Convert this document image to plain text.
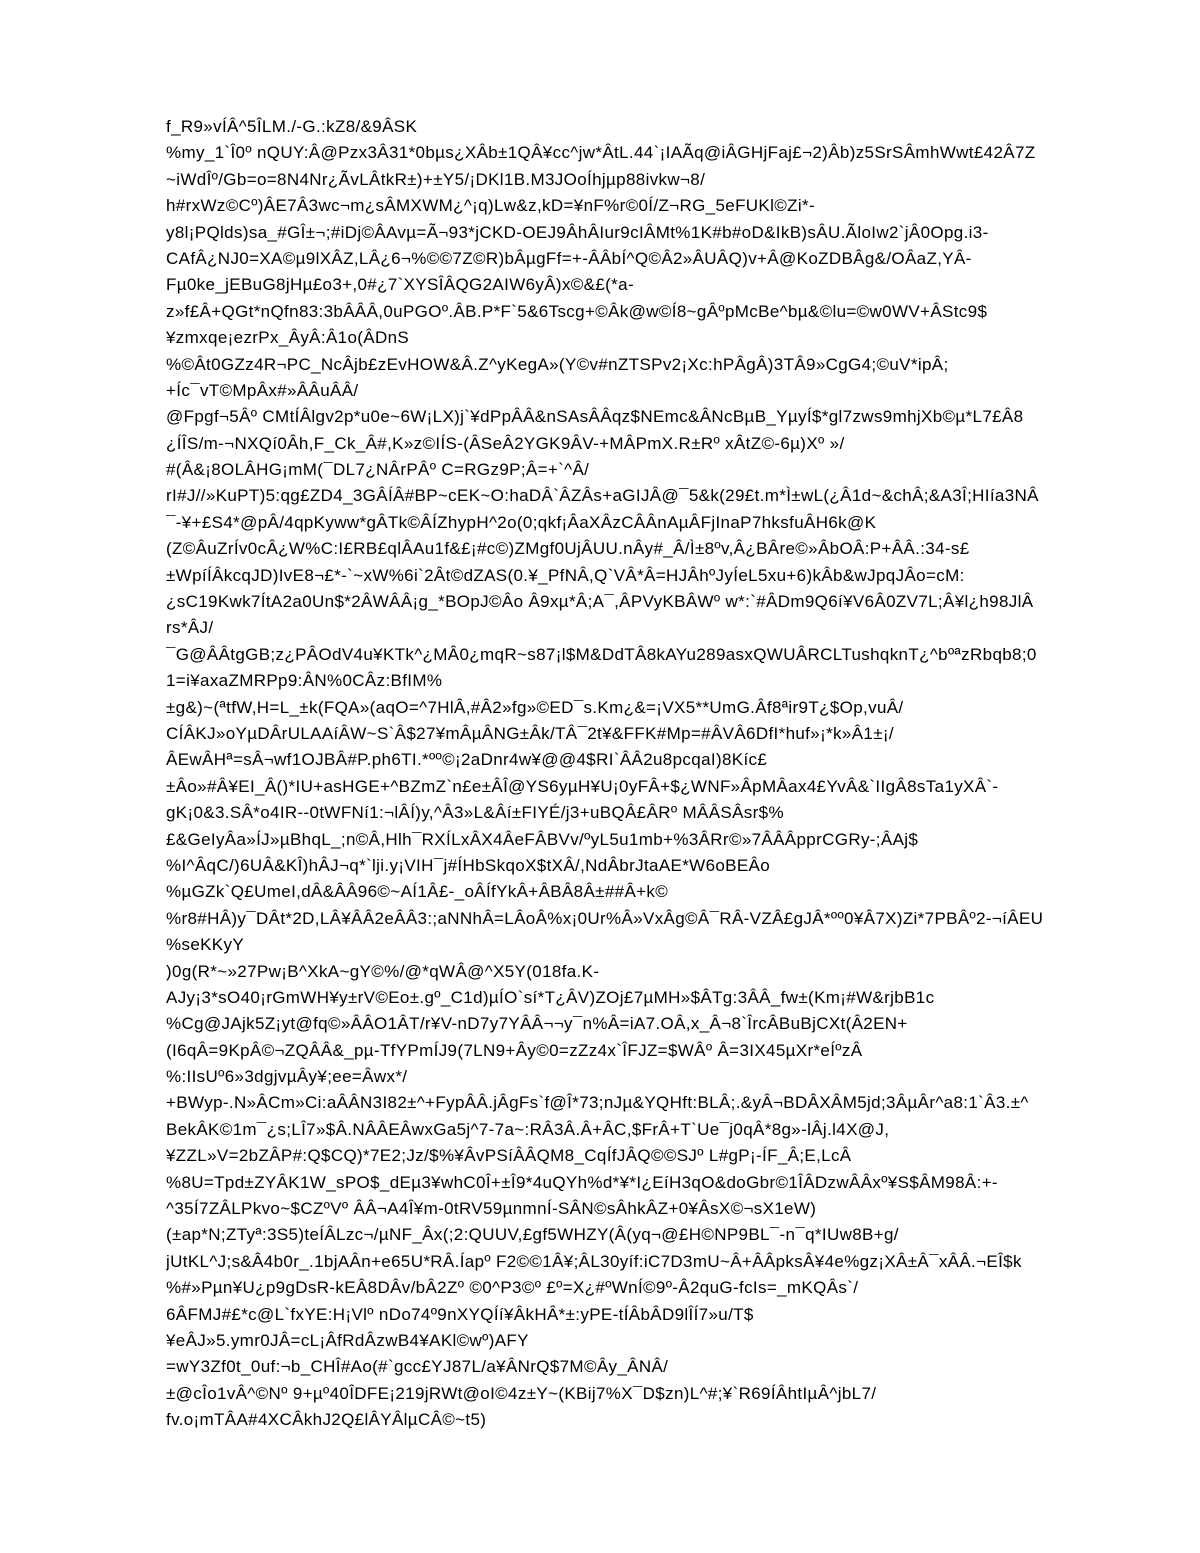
f_R9»vÍÂ^5ÎLM./-G.:kZ8/&9ÂSK
%my_1`Î0º nQUY:Â@Pzx3Â31*0bµs¿XÂb±1QÂ¥cc^jw*ÂtL.44`¡IAÃq@iÂGHjFaj£¬2)Âb)z5SrSÂmhWwt£42Â7Z
~iWdÎº/Gb=o=8N4Nr¿ÃvLÂtkR±)+±Y5/¡DKl1B.M3JOoÍhjµp88ivkw¬8/
h#rxWz©Cº)ÂE7Â3wc¬m¿sÂMXWM¿^¡q)Lw&z,kD=¥nF%r©0Í/Z¬RG_5eFUKl©Zi*-
y8l¡PQlds)sa_#GÎ±¬;#iDj©ÂAvµ=Ã¬93*jCKD-OEJ9ÂhÂIur9cIÂMt%1K#b#oD&IkB)sÂU.ÃloIw2`jÂ0Opg.i3-
CAfÂ¿NJ0=XA©µ9lXÂZ,LÂ¿6¬%©©7Z©R)bÂµgFf=+-ÂÂbÍ^Q©Â2»ÂUÂQ)v+Â@KoZDBÂg&/OÂaZ,YÂ-
Fµ0ke_jEBuG8jHµ£o3+,0#¿7`XYSÎÂQG2AIW6yÂ)x©&£(*a-
z»f£Â+QGt*nQfn83:3bÂÂÂ,0uPGOº.ÂB.P*F`5&6Tscg+©Âk@w©Í8~gÂºpMcBe^bµ&©lu=©w0WV+ÂStc9$
¥zmxqe¡ezrPx_ÂyÂ:Â1o(ÂDnS
%©Ât0GZz4R¬PC_NcÂjb£zEvHOW&Â.Z^yKegA»(Y©v#nZTSPv2¡Xc:hPÂgÂ)3TÂ9»CgG4;©uV*ipÂ;
+Íc¯vT©MpÂx#»ÂÂuÂÂ/
@Fpgf¬5Âº CMtÍÂlgv2p*u0e~6W¡LX)j`¥dPpÂÂ&nSAsÂÂqz$NEmc&ÂNcBµB_YµyÍ$*gl7zws9mhjXb©µ*L7£Â8
¿ÍÎS/m-¬NXQí0Âh,F_Ck_Â#,K»z©IÍS-(ÂSeÂ2YGK9ÂV-+MÂPmX.R±Rº xÂtZ©-6µ)Xº »/
#(Â&¡8OLÂHG¡mM(¯DL7¿NÂrPÂº C=RGz9P;Â=+`^Â/
rI#J//»KuPT)5:qg£ZD4_3GÂÍÂ#BP~cEK~O:haDÂ`ÂZÂs+aGIJÂ@¯5&k(29£t.m*Ì±wL(¿Â1d~&chÂ;&A3Î;HIía3NÂ
¯-¥+£S4*@pÂ/4qpKyww*gÂTk©ÂÍZhypH^2o(0;qkf¡ÂaXÂzCÂÂnAµÂFjInaP7hksfuÂH6k@K
(Z©ÂuZrÍv0cÂ¿W%C:I£RB£qlÂAu1f&£¡#c©)ZMgf0UjÂUU.nÂy#_Â/Ì±8ºv,Â¿BÂre©»ÂbOÂ:P+ÂÂ.:34-s£
±WpíÍÂkcqJD)IvE8¬£*-`~xW%6i`2Ât©dZAS(0.¥_PfNÂ,Q`VÂ*Â=HJÂhºJyÍeL5xu+6)kÂb&wJpqJÂo=cM:
¿sC19Kwk7ÍtA2a0Un$*2ÂWÂÂ¡g_*BOpJ©Âo Â9xµ*Â;A¯,ÂPVyKBÂWº w*:`#ÂDm9Q6í¥V6Â0ZV7L;Â¥l¿h98JlÂ
rs*ÂJ/
¯G@ÂÂtgGB;z¿PÂOdV4u¥KTk^¿MÂ0¿mqR~s87¡l$M&DdTÂ8kAYu289asxQWUÂRCLTushqknT¿^bºªzRbqb8;0
1=i¥axaZMRPp9:ÂN%0CÂz:BfIM%
±g&)~(ªtfW,H=L_±k(FQA»(aqO=^7HlÂ,#Â2»fg»©ED¯s.Km¿&=¡VX5**UmG.Âf8ªir9T¿$Op,vuÂ/
CÍÂKJ»oYµDÂrULAAíÂW~S`Â$27¥mÂµÂNG±Âk/TÂ¯2t¥&FFK#Mp=#ÂVÂ6DfI*huf»¡*k»Â1±¡/
ÂEwÂHª=sÂ¬wf1OJBÂ#P.ph6TI.*ºº©¡2aDnr4w¥@@4$RI`ÂÂ2u8pcqaI)8Kíc£
±Âo»#Â¥EI_Â()*IU+asHGE+^BZmZ`n£e±ÂÎ@YS6yµH¥U¡0yFÂ+$¿WNF»ÂpMÂax4£YvÂ&`IIgÂ8sTa1yXÂ`-
gK¡0&3.SÂ*o4IR--0tWFNí1:¬lÂÍ)y,^Â3»L&Âí±FIYÉ/j3+uBQÂ£ÂRº MÂÂSÂsr$%
£&GeIyÂa»ÍJ»µBhqL_;n©Â,Hlh¯RXÍLxÂX4ÂeFÂBVv/ºyL5u1mb+%3ÂRr©»7ÂÂÂpprCGRy-;ÂAj$
%I^ÂqC/)6UÂ&KÎ)hÂJ¬q*`lji.y¡VIH¯j#ÍHbSkqoX$tXÂ/,NdÂbrJtaAE*W6oBEÂo
%µGZk`Q£UmeI,dÂ&ÂÂ96©~AÍ1Â£-_oÂÍfYkÂ+ÂBÂ8Â±##Â+k©
%r8#HÂ)y¯DÂt*2D,LÂ¥ÂÂ2eÂÂ3:;aNNhÂ=LÂoÂ%x¡0Ur%Â»VxÂg©Â¯RÂ-VZÂ£gJÂ*ºº0¥Â7X)Zi*7PBÂº2-¬íÂEU
%seKKyY
)0g(R*~»27Pw¡B^XkA~gY©%/@*qWÂ@^X5Y(018fa.K-
AJy¡3*sO40¡rGmWH¥y±rV©Eo±.gº_C1d)µÍO`sí*T¿ÂV)ZOj£7µMH»$ÂTg:3ÂÂ_fw±(Km¡#W&rjbB1c
%Cg@JAjk5Z¡yt@fq©»ÂÂO1ÂT/r¥V-nD7y7YÂÂ¬¬y¯n%Â=iA7.OÂ,x_Â¬8`ÎrcÂBuBjCXt(Â2EN+
(I6qÂ=9KpÂ©¬ZQÂÂ&_pµ-TfYPmÍJ9(7LN9+Ây©0=zZz4x`ÎFJZ=$WÂº Â=3IX45µXr*eÍºzÂ
%:IIsUº6»3dgjvµÂy¥;ee=Âwx*/
+BWyp-.N»ÂCm»Ci:aÂÂN3I82±^+FypÂÂ.jÂgFs`f@Î*73;nJµ&YQHft:BLÂ;.&yÂ¬BDÂXÂM5jd;3ÂµÂr^a8:1`Â3.±^
BekÂK©1m¯¿s;LÎ7»$Â.NÂÂEÂwxGa5j^7-7a~:RÂ3Â.Â+ÂC,$FrÂ+T`Ue¯j0qÂ*8g»-lÂj.l4X@J,
¥ZZL»V=2bZÂP#:Q$CQ)*7E2;Jz/$%¥ÂvPSíÂÂQM8_CqÍfJÂQ©©SJº L#gP¡-ÍF_Â;E,LcÂ
%8U=Tpd±ZYÂK1W_sPO$_dEµ3¥whC0Î+±Î9*4uQYh%d*¥*I¿EíH3qO&doGbr©1ÎÂDzwÂÂxº¥S$ÂM98Â:+-
^35Í7ZÂLPkvo~$CZºVº ÂÂ¬A4Î¥m-0tRV59µnmnÍ-SÂN©sÂhkÂZ+0¥ÂsX©¬sX1eW)
(±ap*N;ZTyª:3S5)teÍÂLzc¬/µNF_Âx(;2:QUUV,£gf5WHZY(Â(yq¬@£H©NP9BL¯-n¯q*IUw8B+g/
jUtKL^J;s&Â4b0r_.1bjAÂn+e65U*RÂ.Íapº F2©©1Â¥;ÂL30yíf:iC7D3mU~Â+ÂÂpksÂ¥4e%gz¡XÂ±Â¯xÂÂ.¬EÎ$k
%#»Pµn¥U¿p9gDsR-kEÂ8DÂv/bÂ2Zº ©0^P3©º £º=X¿#ºWnÍ©9º-Â2quG-fcIs=_mKQÂs`/
6ÂFMJ#£*c@L`fxYE:H¡Vlº nDo74º9nXYQÍí¥ÂkHÂ*±:yPE-tÍÂbÂD9lÎÍ7»u/T$
¥eÂJ»5.ymr0JÂ=cL¡ÂfRdÂzwB4¥AKl©wº)AFY
=wY3Zf0t_0uf:¬b_CHÎ#Ao(#`gcc£YJ87L/a¥ÂNrQ$7M©Ây_ÂNÂ/
±@cÎo1vÂ^©Nº 9+µº40ÎDFE¡219jRWt@oI©4z±Y~(KBij7%X¯D$zn)L^#;¥`R69ÍÂhtIµÂ^jbL7/
fv.o¡mTÂA#4XCÂkhJ2Q£lÂYÂlµCÂ©~t5)
